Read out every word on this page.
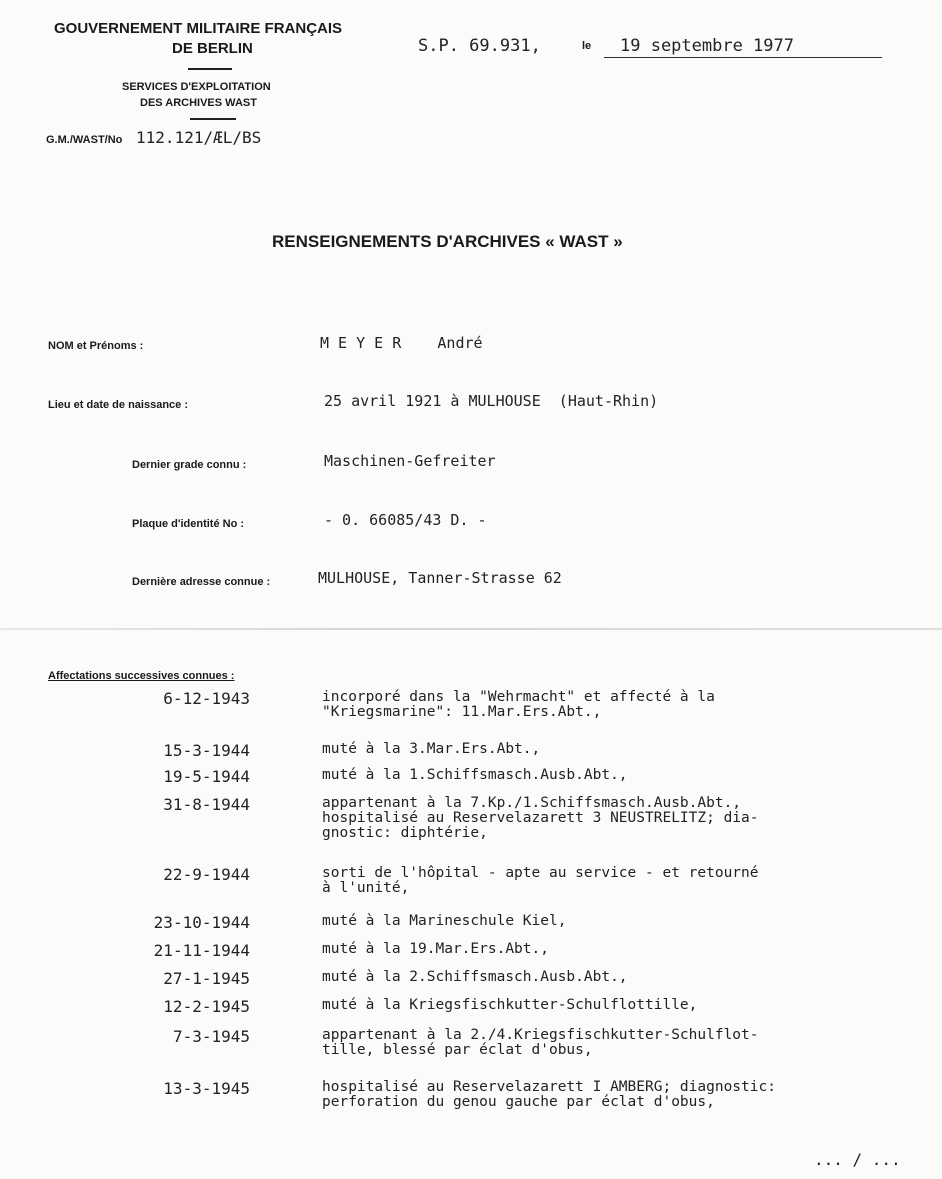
GOUVERNEMENT MILITAIRE FRANÇAIS
DE BERLIN
SERVICES D'EXPLOITATION
DES ARCHIVES WAST
G.M./WAST/No 112.121/ÆL/BS
S.P. 69.931,	le	19 septembre 1977
RENSEIGNEMENTS D'ARCHIVES « WAST »
NOM et Prénoms :	M E Y E R    André
Lieu et date de naissance :	25 avril 1921 à MULHOUSE  (Haut-Rhin)
Dernier grade connu :	Maschinen-Gefreiter
Plaque d'identité No :	- 0. 66085/43 D. -
Dernière adresse connue :	MULHOUSE, Tanner-Strasse 62
Affectations successives connues :
6-12-1943	incorporé dans la "Wehrmacht" et affecté à la
"Kriegsmarine": 11.Mar.Ers.Abt.,
15-3-1944	muté à la 3.Mar.Ers.Abt.,
19-5-1944	muté à la 1.Schiffsmasch.Ausb.Abt.,
31-8-1944	appartenant à la 7.Kp./1.Schiffsmasch.Ausb.Abt.,
hospitalisé au Reservelazarett 3 NEUSTRELITZ; dia-
gnostic: diphtérie,
22-9-1944	sorti de l'hôpital - apte au service - et retourné
à l'unité,
23-10-1944	muté à la Marineschule Kiel,
21-11-1944	muté à la 19.Mar.Ers.Abt.,
27-1-1945	muté à la 2.Schiffsmasch.Ausb.Abt.,
12-2-1945	muté à la Kriegsfischkutter-Schulflottille,
7-3-1945	appartenant à la 2./4.Kriegsfischkutter-Schulflot-
tille, blessé par éclat d'obus,
13-3-1945	hospitalisé au Reservelazarett I AMBERG; diagnostic:
perforation du genou gauche par éclat d'obus,
... / ...
